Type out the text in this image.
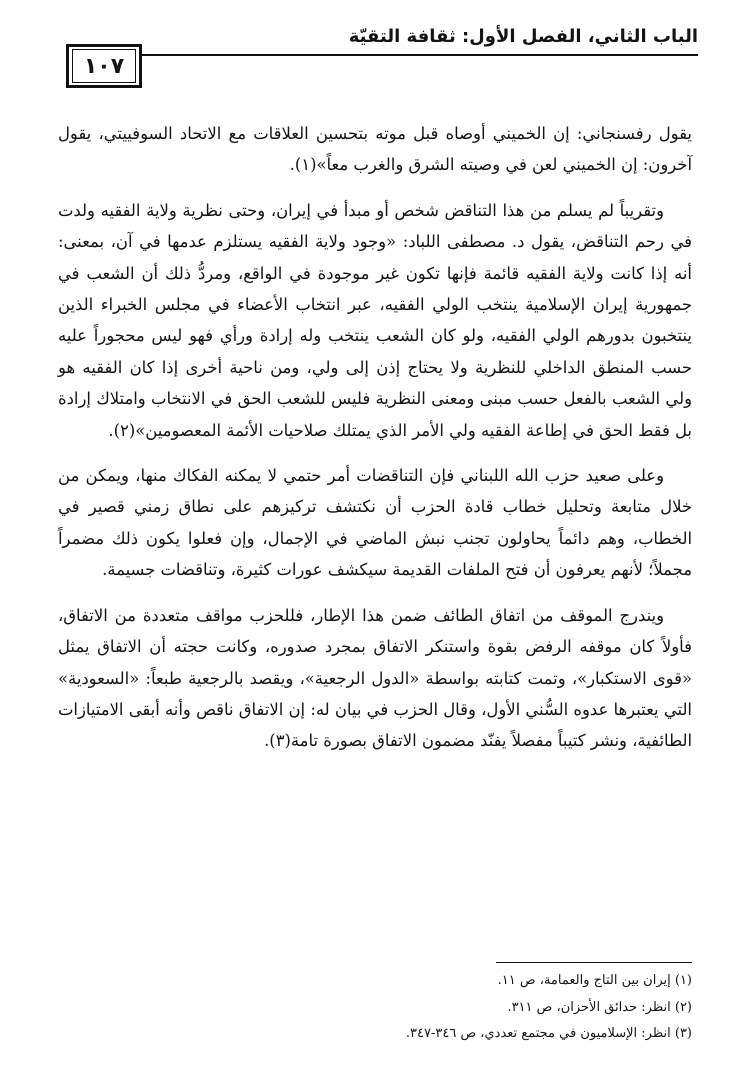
الباب الثاني، الفصل الأول: ثقافة التقيّة
١٠٧

يقول رفسنجاني: إن الخميني أوصاه قبل موته بتحسين العلاقات مع الاتحاد السوفييتي، يقول آخرون: إن الخميني لعن في وصيته الشرق والغرب معاً»(١).

وتقريباً لم يسلم من هذا التناقض شخص أو مبدأ في إيران، وحتى نظرية ولاية الفقيه ولدت في رحم التناقض، يقول د. مصطفى اللباد: «وجود ولاية الفقيه يستلزم عدمها في آن، بمعنى: أنه إذا كانت ولاية الفقيه قائمة فإنها تكون غير موجودة في الواقع، ومردُّ ذلك أن الشعب في جمهورية إيران الإسلامية ينتخب الولي الفقيه، عبر انتخاب الأعضاء في مجلس الخبراء الذين ينتخبون بدورهم الولي الفقيه، ولو كان الشعب ينتخب وله إرادة ورأي فهو ليس محجوراً عليه حسب المنطق الداخلي للنظرية ولا يحتاج إذن إلى ولي، ومن ناحية أخرى إذا كان الفقيه هو ولي الشعب بالفعل حسب مبنى ومعنى النظرية فليس للشعب الحق في الانتخاب وامتلاك إرادة بل فقط الحق في إطاعة الفقيه ولي الأمر الذي يمتلك صلاحيات الأئمة المعصومين»(٢).

وعلى صعيد حزب الله اللبناني فإن التناقضات أمر حتمي لا يمكنه الفكاك منها، ويمكن من خلال متابعة وتحليل خطاب قادة الحزب أن نكتشف تركيزهم على نطاق زمني قصير في الخطاب، وهم دائماً يحاولون تجنب نبش الماضي في الإجمال، وإن فعلوا يكون ذلك مضمراً مجملاً؛ لأنهم يعرفون أن فتح الملفات القديمة سيكشف عورات كثيرة، وتناقضات جسيمة.

ويندرج الموقف من اتفاق الطائف ضمن هذا الإطار، فللحزب مواقف متعددة من الاتفاق، فأولاً كان موقفه الرفض بقوة واستنكر الاتفاق بمجرد صدوره، وكانت حجته أن الاتفاق يمثل «قوى الاستكبار»، وتمت كتابته بواسطة «الدول الرجعية»، ويقصد بالرجعية طبعاً: «السعودية» التي يعتبرها عدوه السُّني الأول، وقال الحزب في بيان له: إن الاتفاق ناقص وأنه أبقى الامتيازات الطائفية، ونشر كتيباً مفصلاً يفنّد مضمون الاتفاق بصورة تامة(٣).

(١) إيران بين التاج والعمامة، ص ١١.
(٢) انظر: حدائق الأحزان، ص ٣١١.
(٣) انظر: الإسلاميون في مجتمع تعددي، ص ٣٤٦-٣٤٧.
